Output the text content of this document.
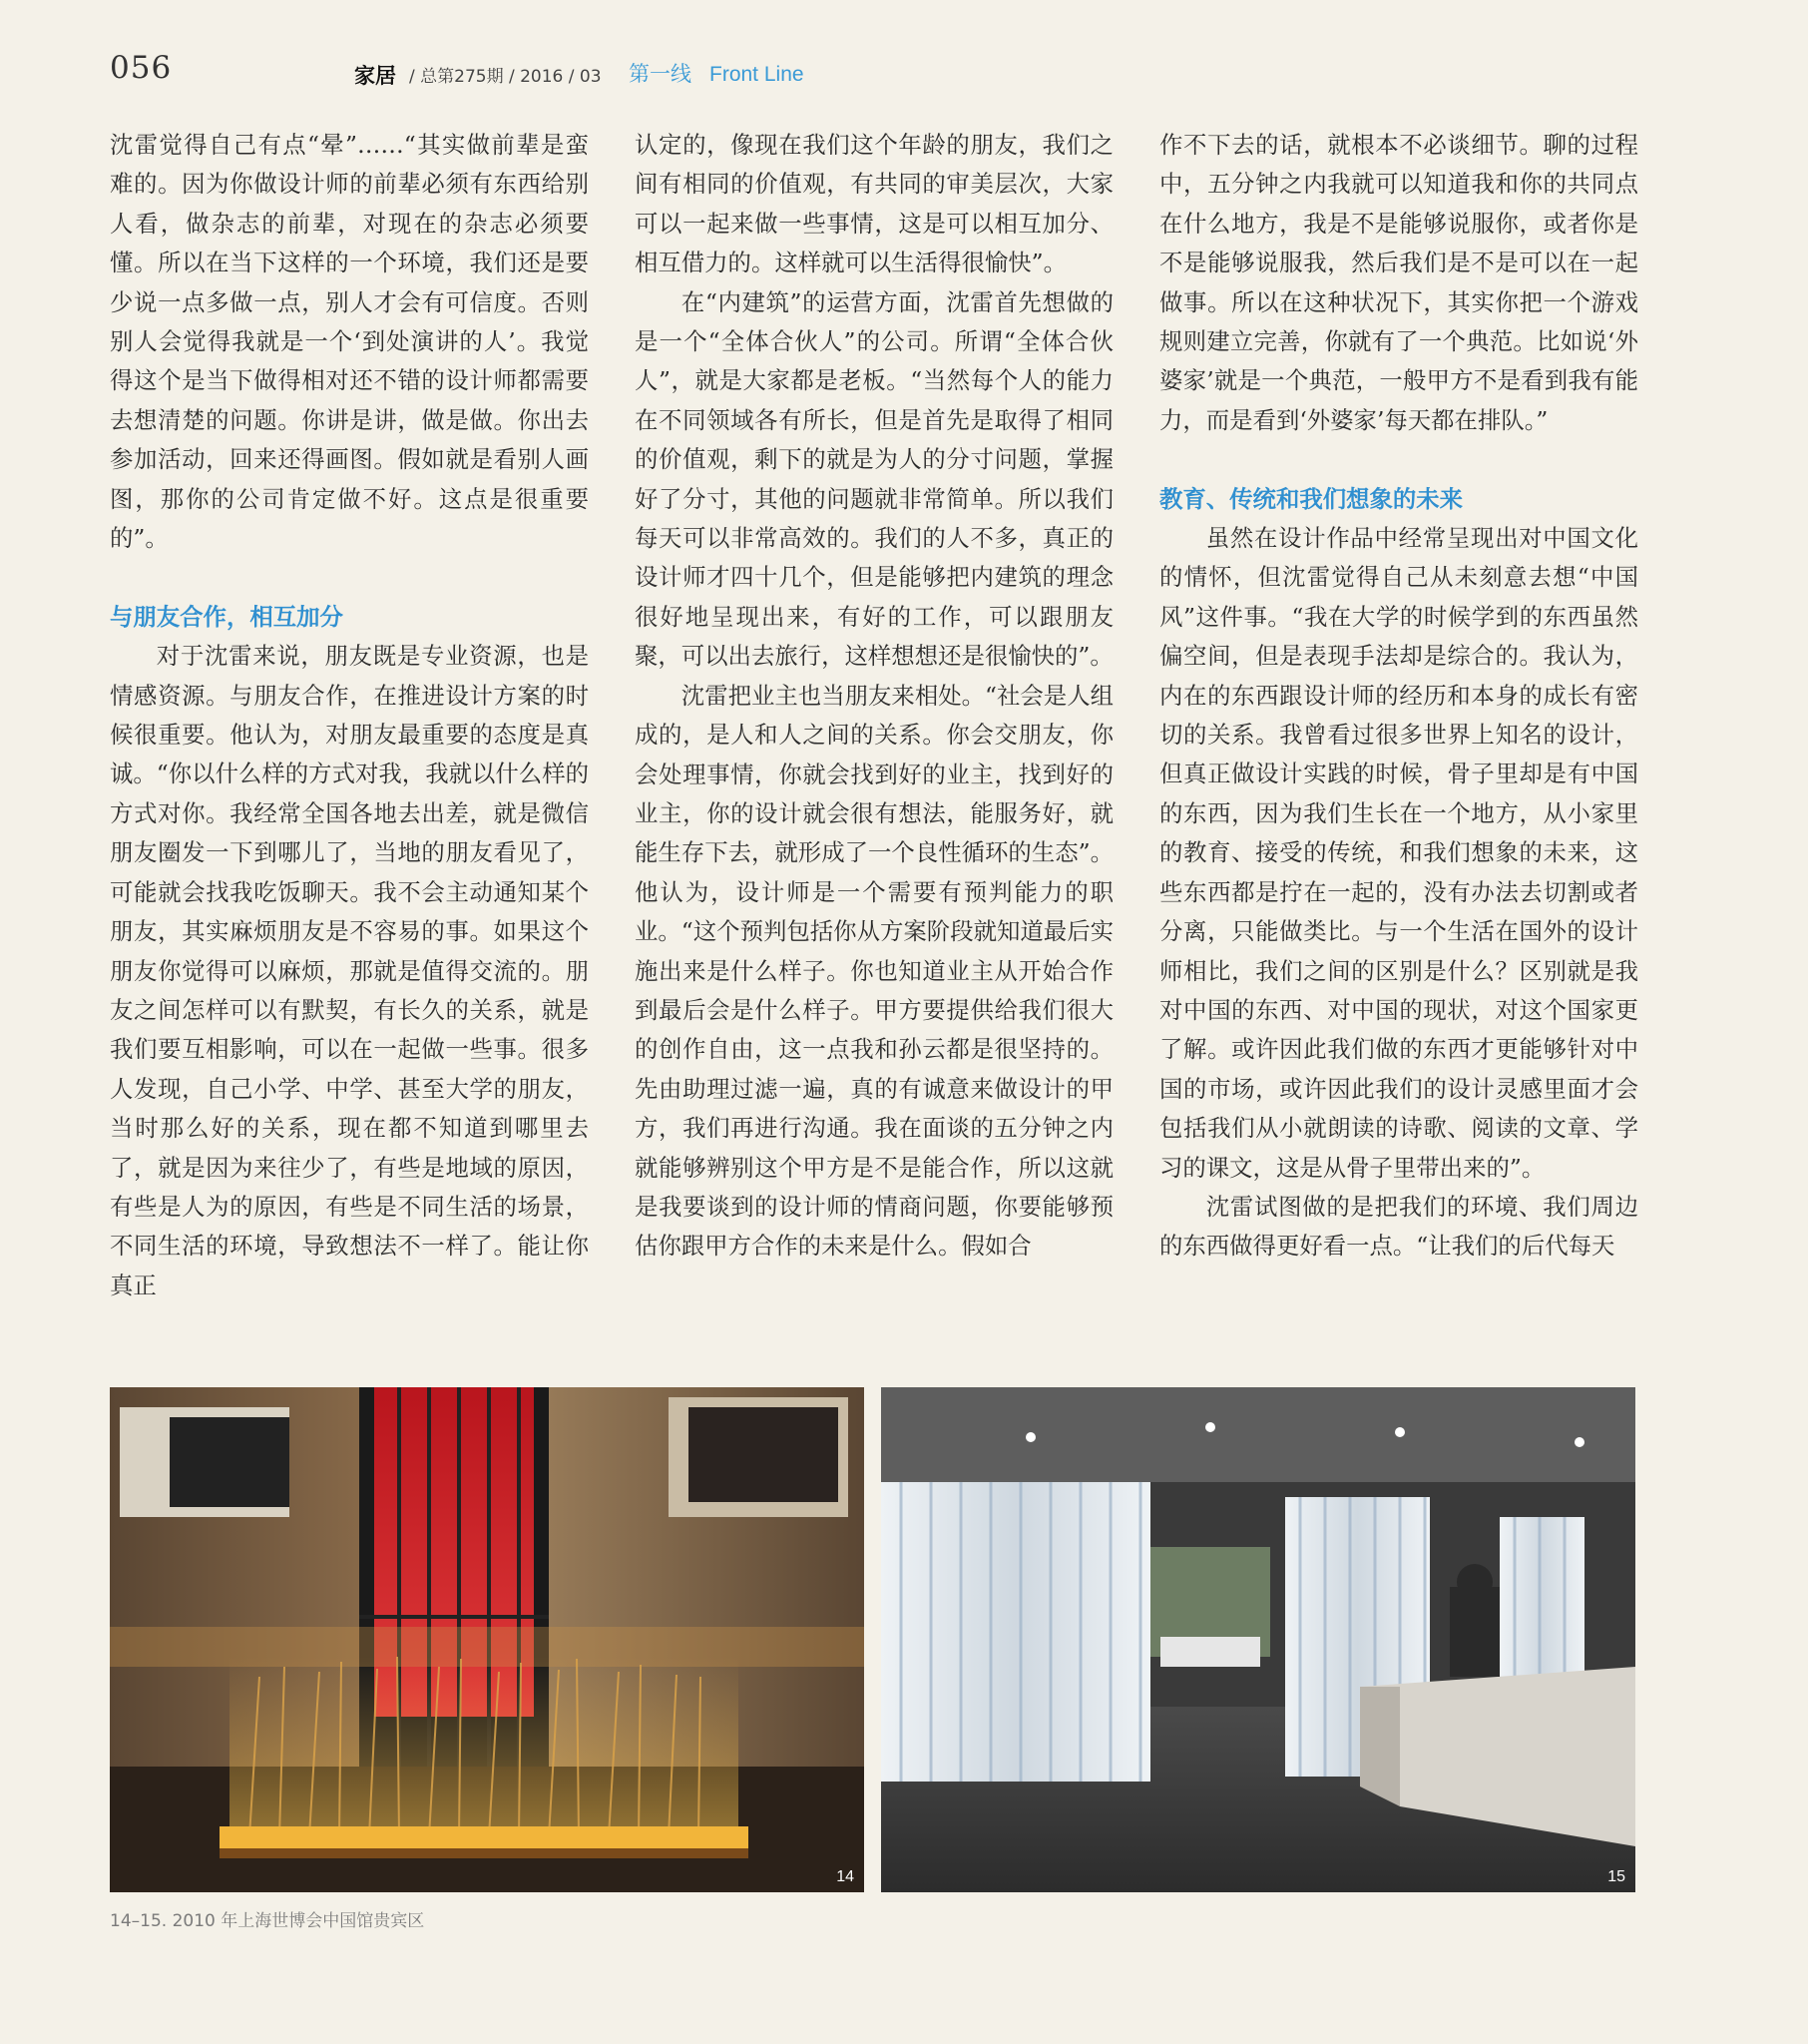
056	家居 / 总第275期 / 2016 / 03 第一线 Front Line

沈雷觉得自己有点“晕”……“其实做前辈是蛮难的。因为你做设计师的前辈必须有东西给别人看，做杂志的前辈，对现在的杂志必须要懂。所以在当下这样的一个环境，我们还是要少说一点多做一点，别人才会有可信度。否则别人会觉得我就是一个‘到处演讲的人’。我觉得这个是当下做得相对还不错的设计师都需要去想清楚的问题。你讲是讲，做是做。你出去参加活动，回来还得画图。假如就是看别人画图，那你的公司肯定做不好。这点是很重要的”。

与朋友合作，相互加分

对于沈雷来说，朋友既是专业资源，也是情感资源。与朋友合作，在推进设计方案的时候很重要。他认为，对朋友最重要的态度是真诚。“你以什么样的方式对我，我就以什么样的方式对你。我经常全国各地去出差，就是微信朋友圈发一下到哪儿了，当地的朋友看见了，可能就会找我吃饭聊天。我不会主动通知某个朋友，其实麻烦朋友是不容易的事。如果这个朋友你觉得可以麻烦，那就是值得交流的。朋友之间怎样可以有默契，有长久的关系，就是我们要互相影响，可以在一起做一些事。很多人发现，自己小学、中学、甚至大学的朋友，当时那么好的关系，现在都不知道到哪里去了，就是因为来往少了，有些是地域的原因，有些是人为的原因，有些是不同生活的场景，不同生活的环境，导致想法不一样了。能让你真正

认定的，像现在我们这个年龄的朋友，我们之间有相同的价值观，有共同的审美层次，大家可以一起来做一些事情，这是可以相互加分、相互借力的。这样就可以生活得很愉快”。

在“内建筑”的运营方面，沈雷首先想做的是一个“全体合伙人”的公司。所谓“全体合伙人”，就是大家都是老板。“当然每个人的能力在不同领域各有所长，但是首先是取得了相同的价值观，剩下的就是为人的分寸问题，掌握好了分寸，其他的问题就非常简单。所以我们每天可以非常高效的。我们的人不多，真正的设计师才四十几个，但是能够把内建筑的理念很好地呈现出来，有好的工作，可以跟朋友聚，可以出去旅行，这样想想还是很愉快的”。

沈雷把业主也当朋友来相处。“社会是人组成的，是人和人之间的关系。你会交朋友，你会处理事情，你就会找到好的业主，找到好的业主，你的设计就会很有想法，能服务好，就能生存下去，就形成了一个良性循环的生态”。他认为，设计师是一个需要有预判能力的职业。“这个预判包括你从方案阶段就知道最后实施出来是什么样子。你也知道业主从开始合作到最后会是什么样子。甲方要提供给我们很大的创作自由，这一点我和孙云都是很坚持的。先由助理过滤一遍，真的有诚意来做设计的甲方，我们再进行沟通。我在面谈的五分钟之内就能够辨别这个甲方是不是能合作，所以这就是我要谈到的设计师的情商问题，你要能够预估你跟甲方合作的未来是什么。假如合

作不下去的话，就根本不必谈细节。聊的过程中，五分钟之内我就可以知道我和你的共同点在什么地方，我是不是能够说服你，或者你是不是能够说服我，然后我们是不是可以在一起做事。所以在这种状况下，其实你把一个游戏规则建立完善，你就有了一个典范。比如说‘外婆家’就是一个典范，一般甲方不是看到我有能力，而是看到‘外婆家’每天都在排队。”

教育、传统和我们想象的未来

虽然在设计作品中经常呈现出对中国文化的情怀，但沈雷觉得自己从未刻意去想“中国风”这件事。“我在大学的时候学到的东西虽然偏空间，但是表现手法却是综合的。我认为，内在的东西跟设计师的经历和本身的成长有密切的关系。我曾看过很多世界上知名的设计，但真正做设计实践的时候，骨子里却是有中国的东西，因为我们生长在一个地方，从小家里的教育、接受的传统，和我们想象的未来，这些东西都是拧在一起的，没有办法去切割或者分离，只能做类比。与一个生活在国外的设计师相比，我们之间的区别是什么？区别就是我对中国的东西、对中国的现状，对这个国家更了解。或许因此我们做的东西才更能够针对中国的市场，或许因此我们的设计灵感里面才会包括我们从小就朗读的诗歌、阅读的文章、学习的课文，这是从骨子里带出来的”。

沈雷试图做的是把我们的环境、我们周边的东西做得更好看一点。“让我们的后代每天

14	15
14–15. 2010 年上海世博会中国馆贵宾区
